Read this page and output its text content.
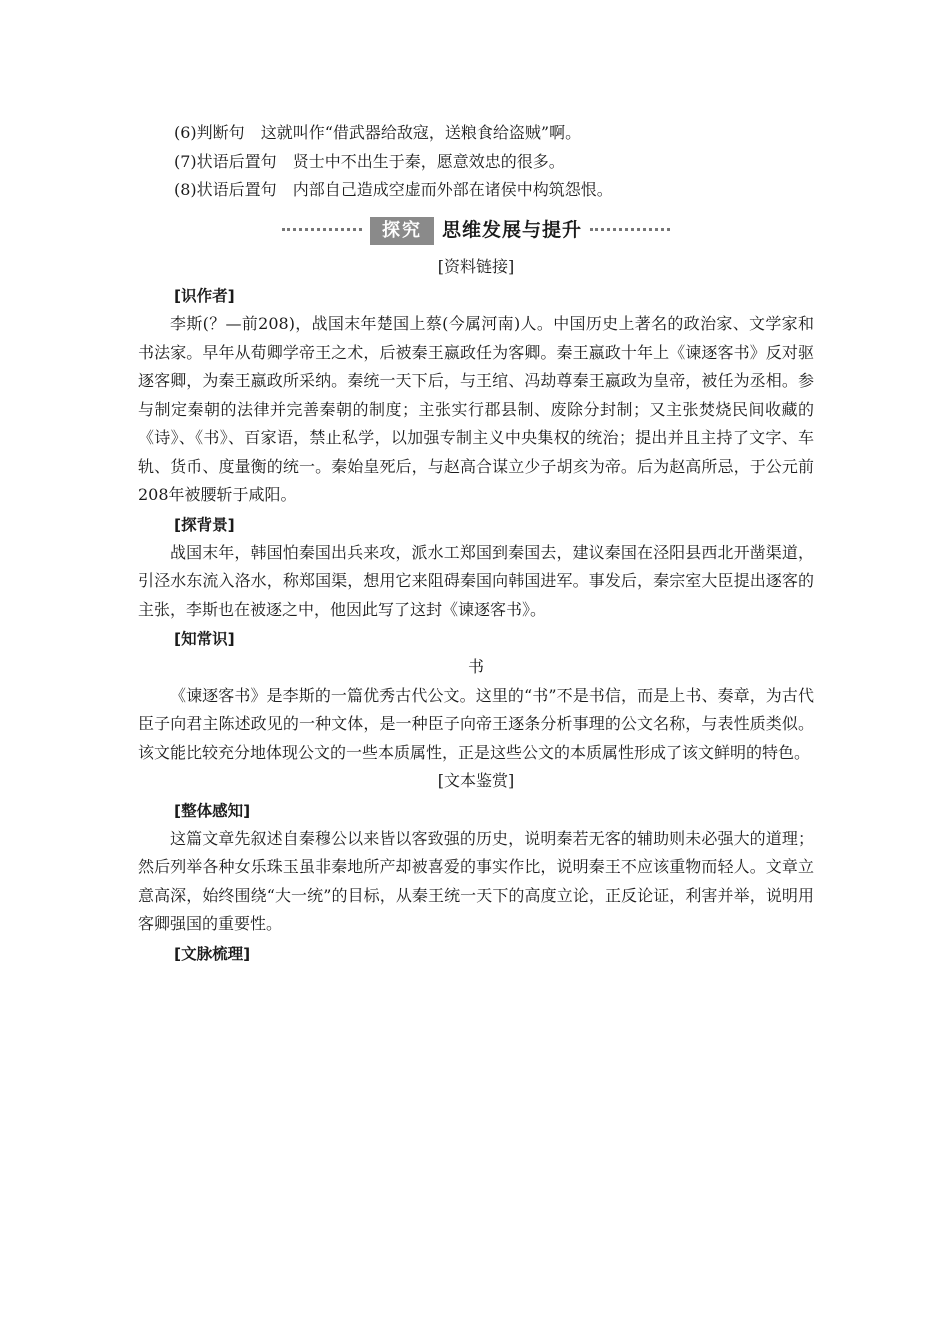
(6)判断句　 这就叫作“借武器给敌寇，送粮食给盗贼”啊。

(7)状语后置句　 贤士中不出生于秦，愿意效忠的很多。

(8)状语后置句　 内部自己造成空虚而外部在诸侯中构筑怨恨。

探究	思维发展与提升

[资料链接]

[识作者]

李斯(？—前208)，战国末年楚国上蔡(今属河南)人。中国历史上著名的政治家、文学家和书法家。早年从荀卿学帝王之术，后被秦王嬴政任为客卿。秦王嬴政十年上《谏逐客书》反对驱逐客卿，为秦王嬴政所采纳。秦统一天下后，与王绾、冯劫尊秦王嬴政为皇帝，被任为丞相。参与制定秦朝的法律并完善秦朝的制度；主张实行郡县制、废除分封制；又主张焚烧民间收藏的《诗》、《书》、百家语，禁止私学，以加强专制主义中央集权的统治；提出并且主持了文字、车轨、货币、度量衡的统一。秦始皇死后，与赵高合谋立少子胡亥为帝。后为赵高所忌，于公元前208年被腰斩于咸阳。

[探背景]

战国末年，韩国怕秦国出兵来攻，派水工郑国到秦国去，建议秦国在泾阳县西北开凿渠道，引泾水东流入洛水，称郑国渠，想用它来阻碍秦国向韩国进军。事发后，秦宗室大臣提出逐客的主张，李斯也在被逐之中，他因此写了这封《谏逐客书》。

[知常识]

书

《谏逐客书》是李斯的一篇优秀古代公文。这里的“书”不是书信，而是上书、奏章，为古代臣子向君主陈述政见的一种文体，是一种臣子向帝王逐条分析事理的公文名称，与表性质类似。该文能比较充分地体现公文的一些本质属性，正是这些公文的本质属性形成了该文鲜明的特色。

[文本鉴赏]

[整体感知]

这篇文章先叙述自秦穆公以来皆以客致强的历史，说明秦若无客的辅助则未必强大的道理；然后列举各种女乐珠玉虽非秦地所产却被喜爱的事实作比，说明秦王不应该重物而轻人。文章立意高深，始终围绕“大一统”的目标，从秦王统一天下的高度立论，正反论证，利害并举，说明用客卿强国的重要性。

[文脉梳理]
